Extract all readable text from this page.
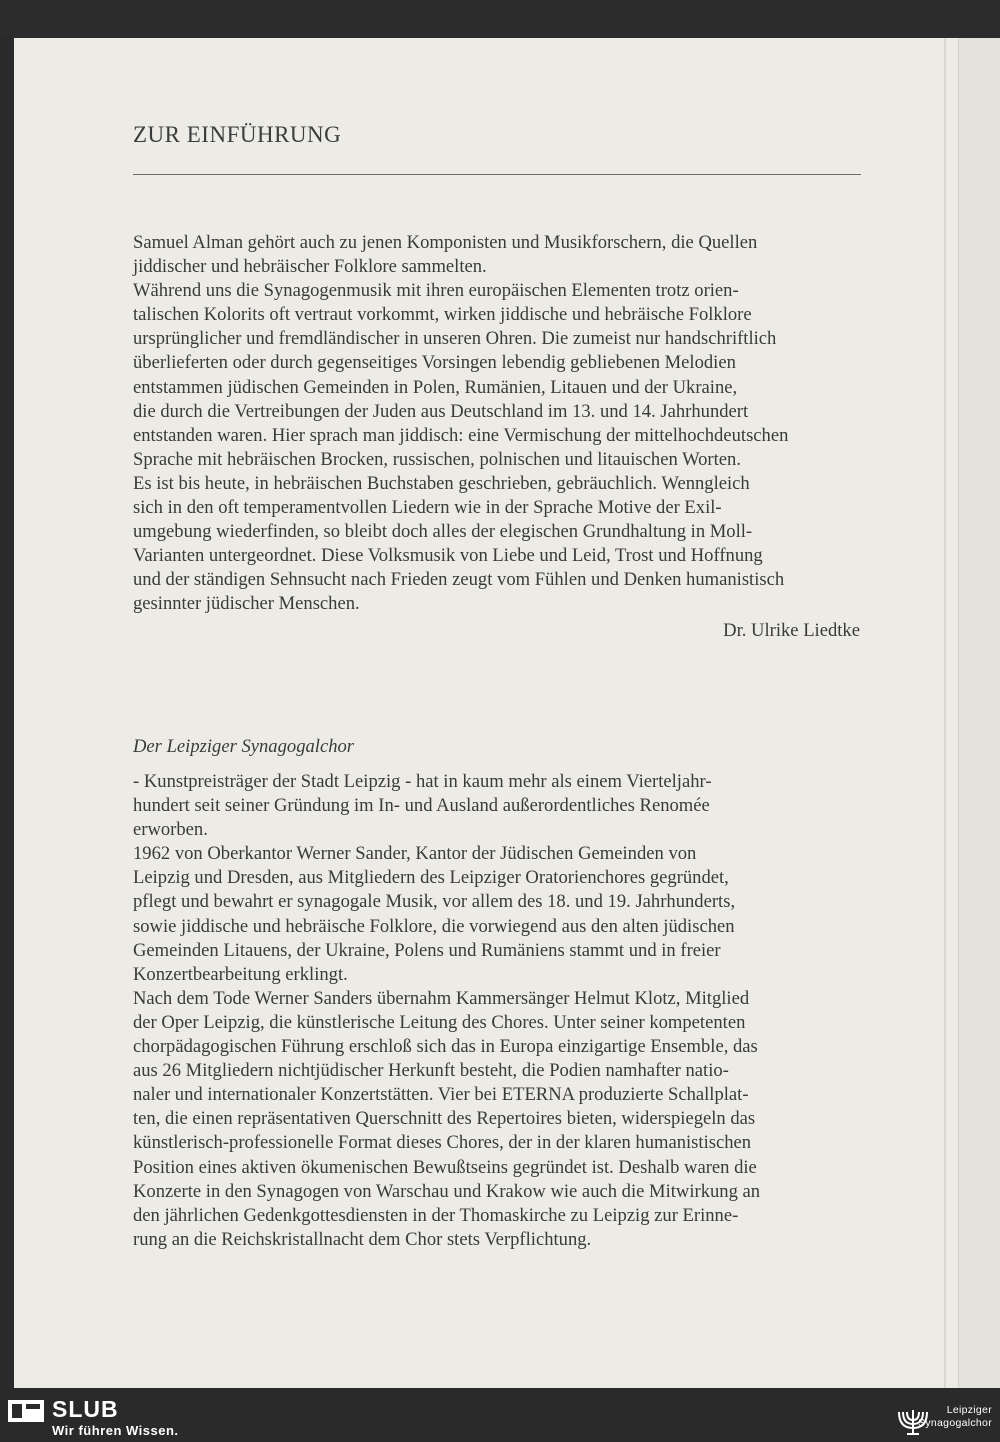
ZUR EINFÜHRUNG

Samuel Alman gehört auch zu jenen Komponisten und Musikforschern, die Quellen
jiddischer und hebräischer Folklore sammelten.
Während uns die Synagogenmusik mit ihren europäischen Elementen trotz orien-
talischen Kolorits oft vertraut vorkommt, wirken jiddische und hebräische Folklore
ursprünglicher und fremdländischer in unseren Ohren. Die zumeist nur handschriftlich
überlieferten oder durch gegenseitiges Vorsingen lebendig gebliebenen Melodien
entstammen jüdischen Gemeinden in Polen, Rumänien, Litauen und der Ukraine,
die durch die Vertreibungen der Juden aus Deutschland im 13. und 14. Jahrhundert
entstanden waren. Hier sprach man jiddisch: eine Vermischung der mittelhochdeutschen
Sprache mit hebräischen Brocken, russischen, polnischen und litauischen Worten.
Es ist bis heute, in hebräischen Buchstaben geschrieben, gebräuchlich. Wenngleich
sich in den oft temperamentvollen Liedern wie in der Sprache Motive der Exil-
umgebung wiederfinden, so bleibt doch alles der elegischen Grundhaltung in Moll-
Varianten untergeordnet. Diese Volksmusik von Liebe und Leid, Trost und Hoffnung
und der ständigen Sehnsucht nach Frieden zeugt vom Fühlen und Denken humanistisch
gesinnter jüdischer Menschen.

Dr. Ulrike Liedtke
Der Leipziger Synagogalchor

- Kunstpreisträger der Stadt Leipzig - hat in kaum mehr als einem Vierteljahr-
hundert seit seiner Gründung im In- und Ausland außerordentliches Renomée
erworben.
1962 von Oberkantor Werner Sander, Kantor der Jüdischen Gemeinden von
Leipzig und Dresden, aus Mitgliedern des Leipziger Oratorienchores gegründet,
pflegt und bewahrt er synagogale Musik, vor allem des 18. und 19. Jahrhunderts,
sowie jiddische und hebräische Folklore, die vorwiegend aus den alten jüdischen
Gemeinden Litauens, der Ukraine, Polens und Rumäniens stammt und in freier
Konzertbearbeitung erklingt.
Nach dem Tode Werner Sanders übernahm Kammersänger Helmut Klotz, Mitglied
der Oper Leipzig, die künstlerische Leitung des Chores. Unter seiner kompetenten
chorpädagogischen Führung erschloß sich das in Europa einzigartige Ensemble, das
aus 26 Mitgliedern nichtjüdischer Herkunft besteht, die Podien namhafter natio-
naler und internationaler Konzertstätten. Vier bei ETERNA produzierte Schallplat-
ten, die einen repräsentativen Querschnitt des Repertoires bieten, widerspiegeln das
künstlerisch-professionelle Format dieses Chores, der in der klaren humanistischen
Position eines aktiven ökumenischen Bewußtseins gegründet ist. Deshalb waren die
Konzerte in den Synagogen von Warschau und Krakow wie auch die Mitwirkung an
den jährlichen Gedenkgottesdiensten in der Thomaskirche zu Leipzig zur Erinne-
rung an die Reichskristallnacht dem Chor stets Verpflichtung.

SLUB
Wir führen Wissen.
Leipziger
Synagogalchor
